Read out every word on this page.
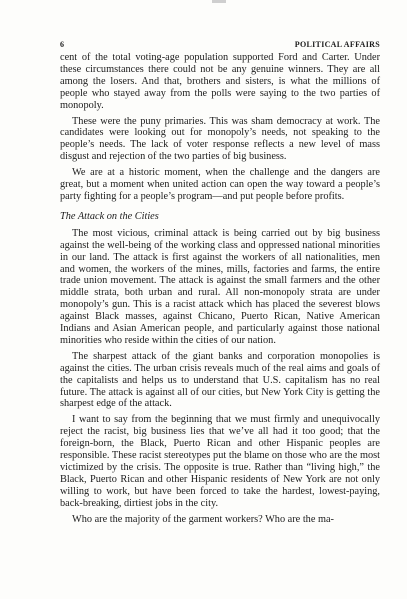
6	POLITICAL AFFAIRS

cent of the total voting-age population supported Ford and Carter. Under these circumstances there could not be any genuine winners. They are all among the losers. And that, brothers and sisters, is what the millions of people who stayed away from the polls were saying to the two parties of monopoly.

These were the puny primaries. This was sham democracy at work. The candidates were looking out for monopoly’s needs, not speaking to the people’s needs. The lack of voter response reflects a new level of mass disgust and rejection of the two parties of big business.

We are at a historic moment, when the challenge and the dangers are great, but a moment when united action can open the way toward a people’s party fighting for a people’s program—and put people before profits.

The Attack on the Cities

The most vicious, criminal attack is being carried out by big business against the well-being of the working class and oppressed national minorities in our land. The attack is first against the workers of all nationalities, men and women, the workers of the mines, mills, factories and farms, the entire trade union movement. The attack is against the small farmers and the other middle strata, both urban and rural. All non-monopoly strata are under monopoly’s gun. This is a racist attack which has placed the severest blows against Black masses, against Chicano, Puerto Rican, Native American Indians and Asian American people, and particularly against those national minorities who reside within the cities of our nation.

The sharpest attack of the giant banks and corporation monopolies is against the cities. The urban crisis reveals much of the real aims and goals of the capitalists and helps us to understand that U.S. capitalism has no real future. The attack is against all of our cities, but New York City is getting the sharpest edge of the attack.

I want to say from the beginning that we must firmly and unequivocally reject the racist, big business lies that we’ve all had it too good; that the foreign-born, the Black, Puerto Rican and other Hispanic peoples are responsible. These racist stereotypes put the blame on those who are the most victimized by the crisis. The opposite is true. Rather than “living high,” the Black, Puerto Rican and other Hispanic residents of New York are not only willing to work, but have been forced to take the hardest, lowest-paying, back-breaking, dirtiest jobs in the city.

Who are the majority of the garment workers? Who are the ma-
